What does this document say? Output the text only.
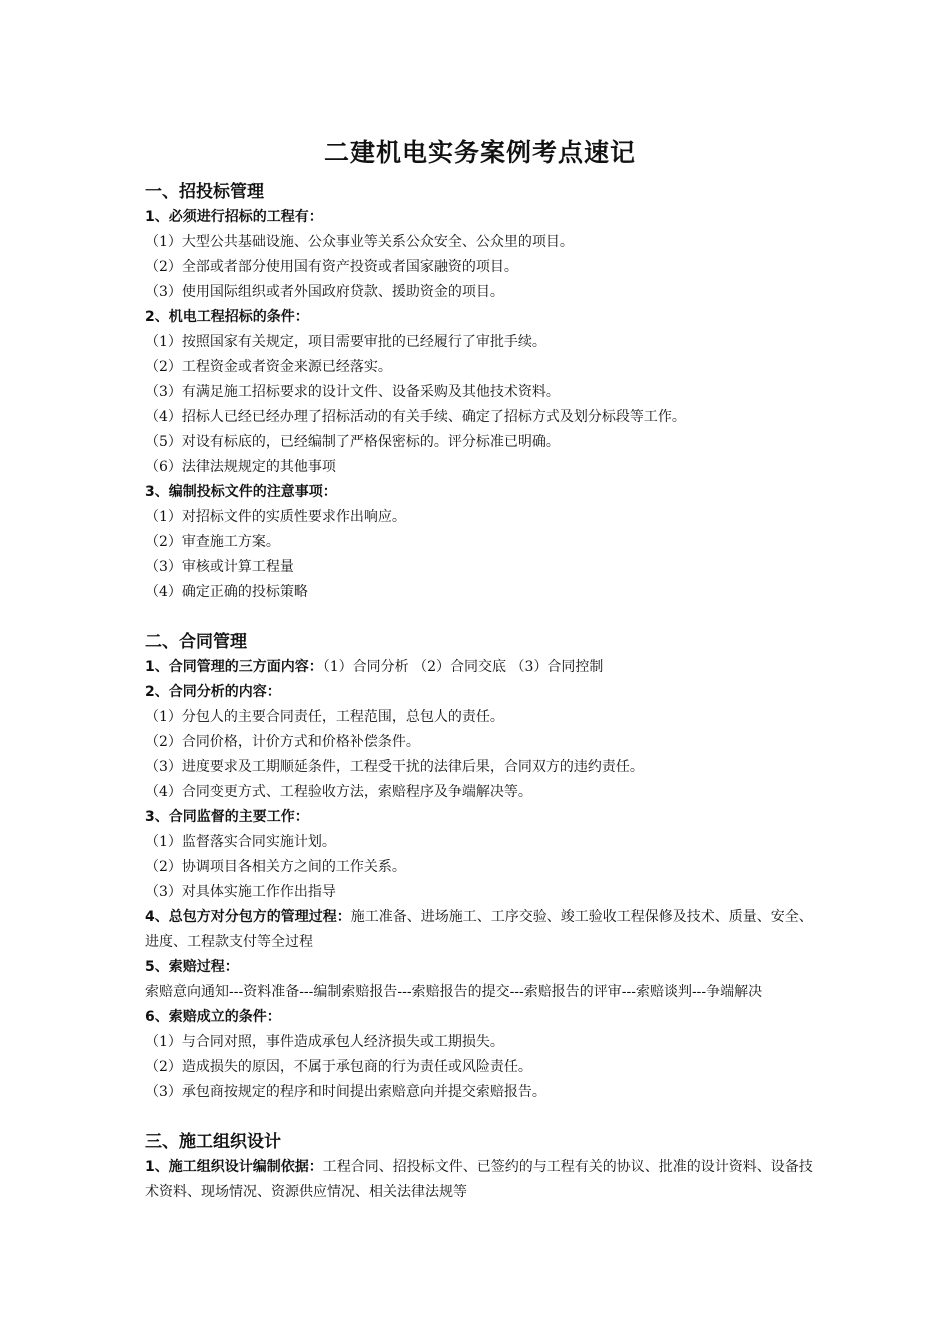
二建机电实务案例考点速记
一、招投标管理
1、必须进行招标的工程有：
（1）大型公共基础设施、公众事业等关系公众安全、公众里的项目。
（2）全部或者部分使用国有资产投资或者国家融资的项目。
（3）使用国际组织或者外国政府贷款、援助资金的项目。
2、机电工程招标的条件：
（1）按照国家有关规定，项目需要审批的已经履行了审批手续。
（2）工程资金或者资金来源已经落实。
（3）有满足施工招标要求的设计文件、设备采购及其他技术资料。
（4）招标人已经已经办理了招标活动的有关手续、确定了招标方式及划分标段等工作。
（5）对设有标底的，已经编制了严格保密标的。评分标准已明确。
（6）法律法规规定的其他事项
3、编制投标文件的注意事项：
（1）对招标文件的实质性要求作出响应。
（2）审查施工方案。
（3）审核或计算工程量
（4）确定正确的投标策略
二、合同管理
1、合同管理的三方面内容：（1）合同分析 （2）合同交底 （3）合同控制
2、合同分析的内容：
（1）分包人的主要合同责任，工程范围，总包人的责任。
（2）合同价格，计价方式和价格补偿条件。
（3）进度要求及工期顺延条件，工程受干扰的法律后果，合同双方的违约责任。
（4）合同变更方式、工程验收方法，索赔程序及争端解决等。
3、合同监督的主要工作：
（1）监督落实合同实施计划。
（2）协调项目各相关方之间的工作关系。
（3）对具体实施工作作出指导
4、总包方对分包方的管理过程：施工准备、进场施工、工序交验、竣工验收工程保修及技术、质量、安全、进度、工程款支付等全过程
5、索赔过程：
索赔意向通知---资料准备---编制索赔报告---索赔报告的提交---索赔报告的评审---索赔谈判---争端解决
6、索赔成立的条件：
（1）与合同对照，事件造成承包人经济损失或工期损失。
（2）造成损失的原因，不属于承包商的行为责任或风险责任。
（3）承包商按规定的程序和时间提出索赔意向并提交索赔报告。
三、施工组织设计
1、施工组织设计编制依据：工程合同、招投标文件、已签约的与工程有关的协议、批准的设计资料、设备技术资料、现场情况、资源供应情况、相关法律法规等
